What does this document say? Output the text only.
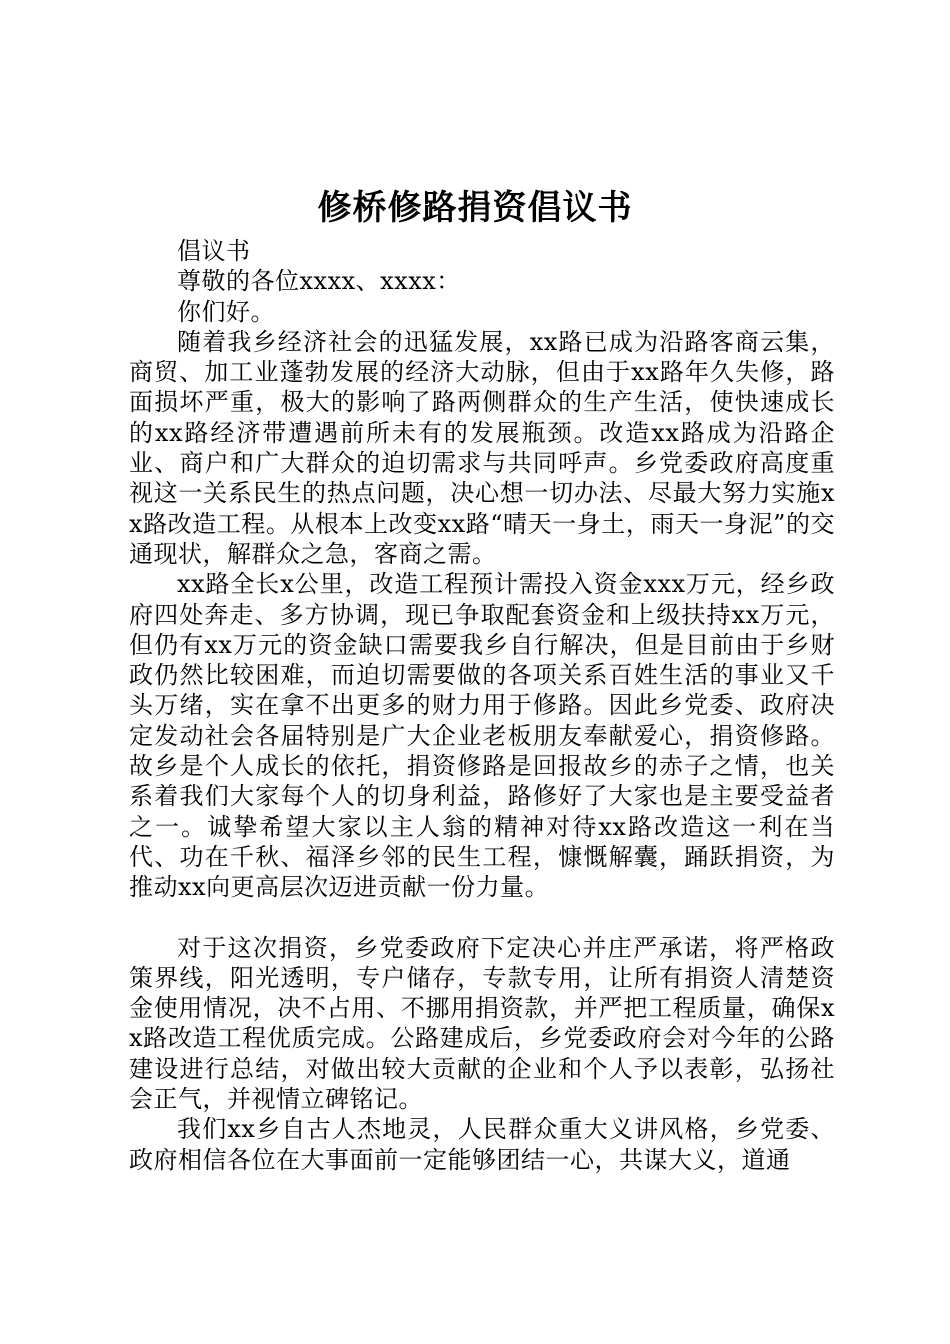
修桥修路捐资倡议书

倡议书

尊敬的各位xxxx、xxxx：

你们好。

随着我乡经济社会的迅猛发展，xx路已成为沿路客商云集，商贸、加工业蓬勃发展的经济大动脉，但由于xx路年久失修，路面损坏严重，极大的影响了路两侧群众的生产生活，使快速成长的xx路经济带遭遇前所未有的发展瓶颈。改造xx路成为沿路企业、商户和广大群众的迫切需求与共同呼声。乡党委政府高度重视这一关系民生的热点问题，决心想一切办法、尽最大努力实施xx路改造工程。从根本上改变xx路“晴天一身土，雨天一身泥”的交通现状，解群众之急，客商之需。

xx路全长x公里，改造工程预计需投入资金xxx万元，经乡政府四处奔走、多方协调，现已争取配套资金和上级扶持xx万元，但仍有xx万元的资金缺口需要我乡自行解决，但是目前由于乡财政仍然比较困难，而迫切需要做的各项关系百姓生活的事业又千头万绪，实在拿不出更多的财力用于修路。因此乡党委、政府决定发动社会各届特别是广大企业老板朋友奉献爱心，捐资修路。故乡是个人成长的依托，捐资修路是回报故乡的赤子之情，也关系着我们大家每个人的切身利益，路修好了大家也是主要受益者之一。诚挚希望大家以主人翁的精神对待xx路改造这一利在当代、功在千秋、福泽乡邻的民生工程，慷慨解囊，踊跃捐资，为推动xx向更高层次迈进贡献一份力量。

对于这次捐资，乡党委政府下定决心并庄严承诺，将严格政策界线，阳光透明，专户储存，专款专用，让所有捐资人清楚资金使用情况，决不占用、不挪用捐资款，并严把工程质量，确保xx路改造工程优质完成。公路建成后，乡党委政府会对今年的公路建设进行总结，对做出较大贡献的企业和个人予以表彰，弘扬社会正气，并视情立碑铭记。

我们xx乡自古人杰地灵，人民群众重大义讲风格，乡党委、政府相信各位在大事面前一定能够团结一心，共谋大义，道通
